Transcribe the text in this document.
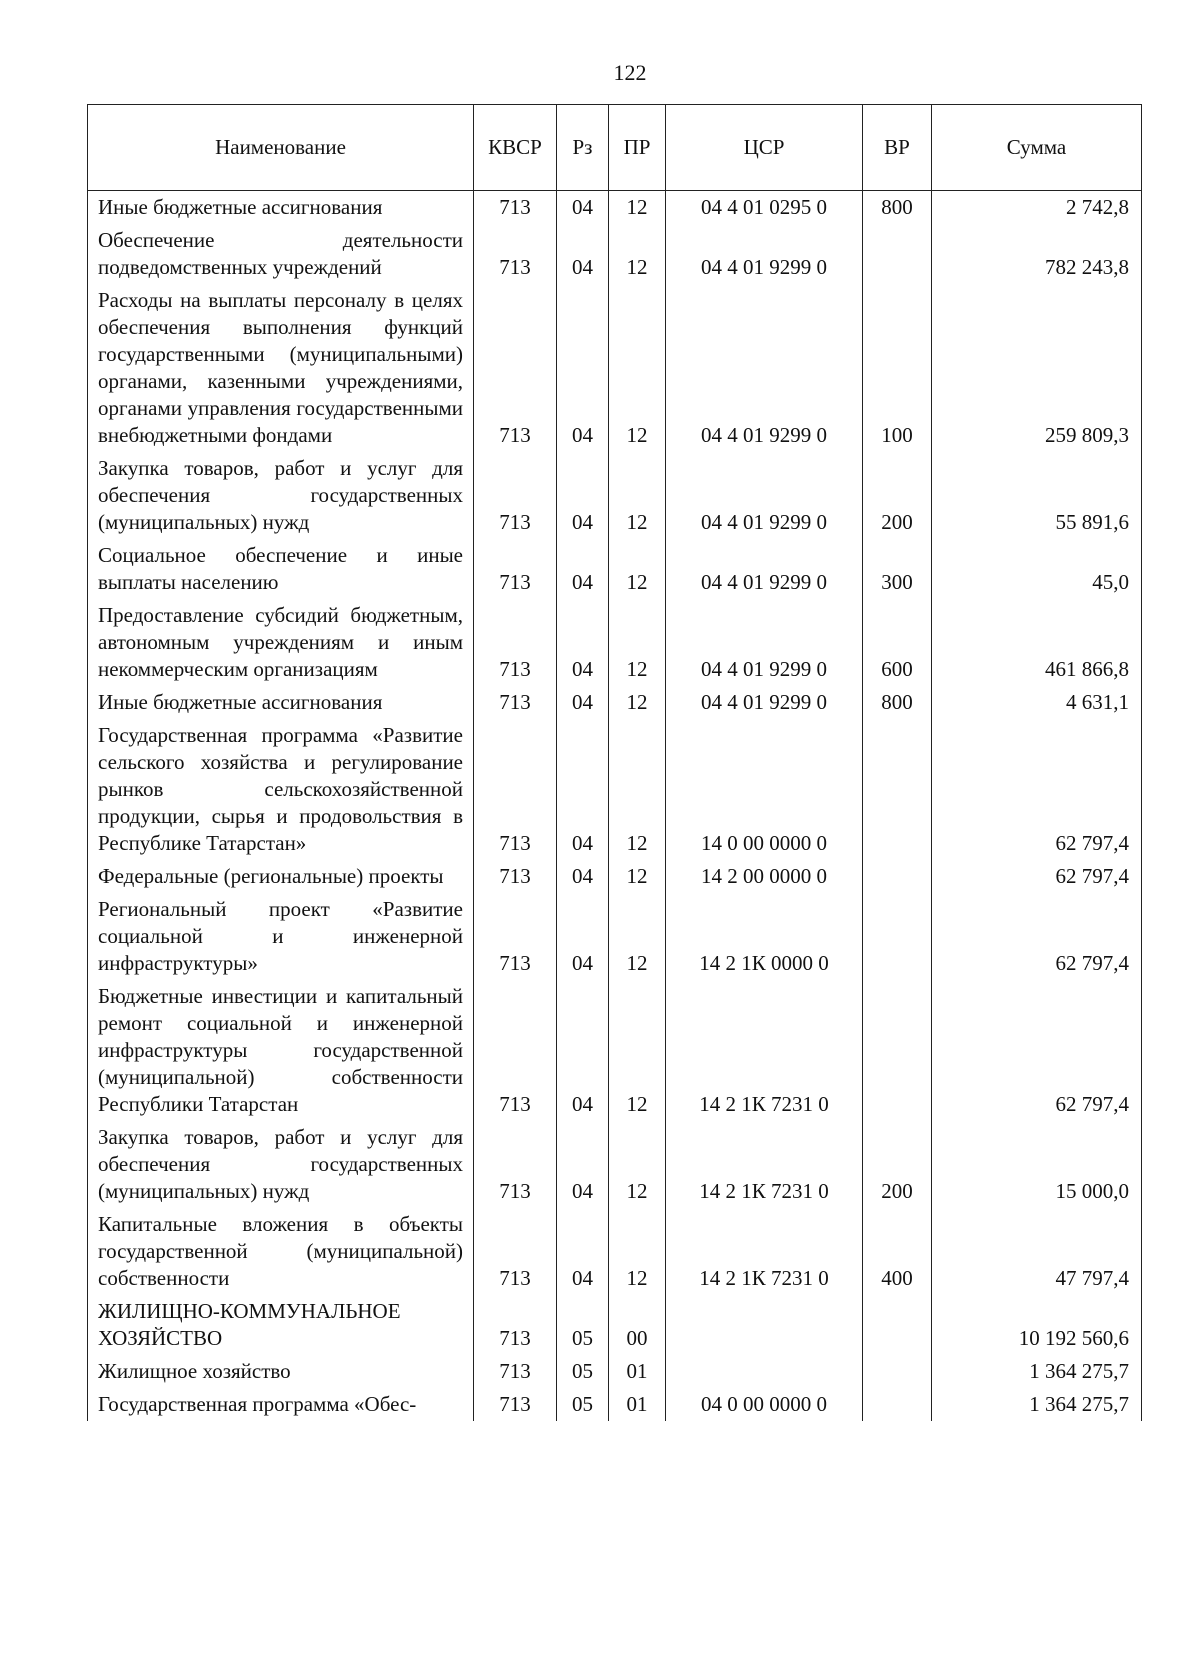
122
Наименование	КВСР	Рз	ПР	ЦСР	ВР	Сумма
Иные бюджетные ассигнования	713	04	12	04 4 01 0295 0	800	2 742,8
Обеспечение деятельности подведомственных учреждений	713	04	12	04 4 01 9299 0		782 243,8
Расходы на выплаты персоналу в целях обеспечения выполнения функций государственными (муниципальными) органами, казенными учреждениями, органами управления государственными внебюджетными фондами	713	04	12	04 4 01 9299 0	100	259 809,3
Закупка товаров, работ и услуг для обеспечения государственных (муниципальных) нужд	713	04	12	04 4 01 9299 0	200	55 891,6
Социальное обеспечение и иные выплаты населению	713	04	12	04 4 01 9299 0	300	45,0
Предоставление субсидий бюджетным, автономным учреждениям и иным некоммерческим организациям	713	04	12	04 4 01 9299 0	600	461 866,8
Иные бюджетные ассигнования	713	04	12	04 4 01 9299 0	800	4 631,1
Государственная программа «Развитие сельского хозяйства и регулирование рынков сельскохозяйственной продукции, сырья и продовольствия в Республике Татарстан»	713	04	12	14 0 00 0000 0		62 797,4
Федеральные (региональные) проекты	713	04	12	14 2 00 0000 0		62 797,4
Региональный проект «Развитие социальной и инженерной инфраструктуры»	713	04	12	14 2 1К 0000 0		62 797,4
Бюджетные инвестиции и капитальный ремонт социальной и инженерной инфраструктуры государственной (муниципальной) собственности Республики Татарстан	713	04	12	14 2 1К 7231 0		62 797,4
Закупка товаров, работ и услуг для обеспечения государственных (муниципальных) нужд	713	04	12	14 2 1К 7231 0	200	15 000,0
Капитальные вложения в объекты государственной (муниципальной) собственности	713	04	12	14 2 1К 7231 0	400	47 797,4
ЖИЛИЩНО-КОММУНАЛЬНОЕ ХОЗЯЙСТВО	713	05	00			10 192 560,6
Жилищное хозяйство	713	05	01			1 364 275,7
Государственная программа «Обес-	713	05	01	04 0 00 0000 0		1 364 275,7
